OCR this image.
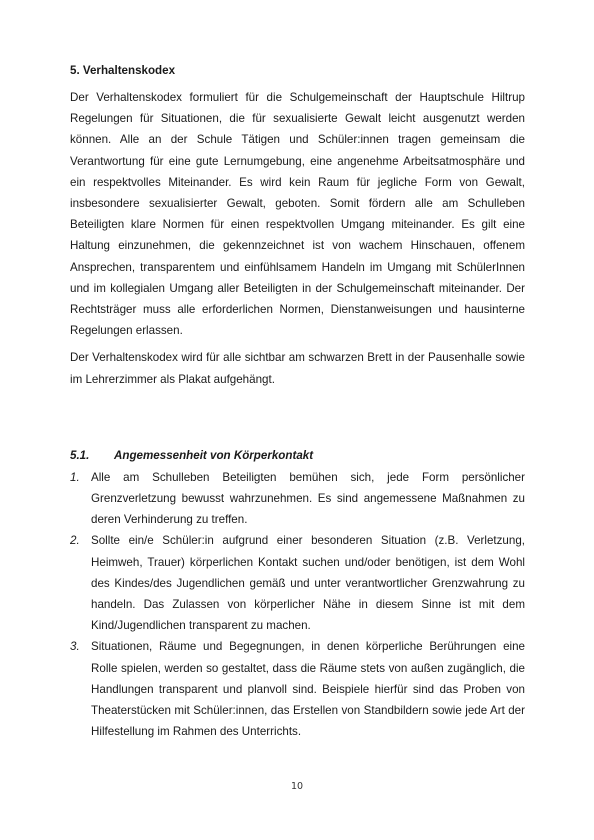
5. Verhaltenskodex

Der Verhaltenskodex formuliert für die Schulgemeinschaft der Hauptschule Hiltrup Regelungen für Situationen, die für sexualisierte Gewalt leicht ausgenutzt werden können. Alle an der Schule Tätigen und Schüler:innen tragen gemeinsam die Verantwortung für eine gute Lernumgebung, eine angenehme Arbeitsatmosphäre und ein respektvolles Miteinander. Es wird kein Raum für jegliche Form von Gewalt, insbesondere sexualisierter Gewalt, geboten. Somit fördern alle am Schulleben Beteiligten klare Normen für einen respektvollen Umgang miteinander. Es gilt eine Haltung einzunehmen, die gekennzeichnet ist von wachem Hinschauen, offenem Ansprechen, transparentem und einfühlsamem Handeln im Umgang mit SchülerInnen und im kollegialen Umgang aller Beteiligten in der Schulgemeinschaft miteinander. Der Rechtsträger muss alle erforderlichen Normen, Dienstanweisungen und hausinterne Regelungen erlassen.

Der Verhaltenskodex wird für alle sichtbar am schwarzen Brett in der Pausenhalle sowie im Lehrerzimmer als Plakat aufgehängt.

5.1. Angemessenheit von Körperkontakt
1. Alle am Schulleben Beteiligten bemühen sich, jede Form persönlicher Grenzverletzung bewusst wahrzunehmen. Es sind angemessene Maßnahmen zu deren Verhinderung zu treffen.
2. Sollte ein/e Schüler:in aufgrund einer besonderen Situation (z.B. Verletzung, Heimweh, Trauer) körperlichen Kontakt suchen und/oder benötigen, ist dem Wohl des Kindes/des Jugendlichen gemäß und unter verantwortlicher Grenzwahrung zu handeln. Das Zulassen von körperlicher Nähe in diesem Sinne ist mit dem Kind/Jugendlichen transparent zu machen.
3. Situationen, Räume und Begegnungen, in denen körperliche Berührungen eine Rolle spielen, werden so gestaltet, dass die Räume stets von außen zugänglich, die Handlungen transparent und planvoll sind. Beispiele hierfür sind das Proben von Theaterstücken mit Schüler:innen, das Erstellen von Standbildern sowie jede Art der Hilfestellung im Rahmen des Unterrichts.
10
